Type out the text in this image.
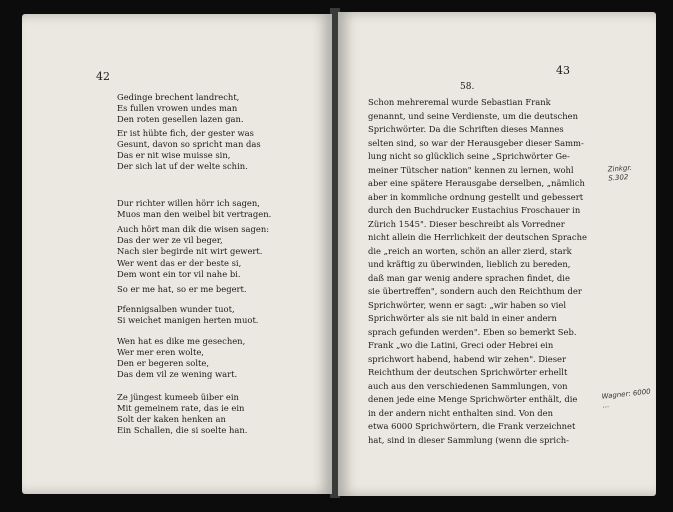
42
Gedinge brechent landrecht,
Es fullen vrowen undes man
Den roten gesellen lazen gan.
Er ist hübte fich, der gester was
Gesunt, davon so spricht man das
Das er nit wise muisse sin,
Der sich lat uf der welte schin.
Dur richter willen hörr ich sagen,
Muos man den weibel bit vertragen.
Auch hört man dik die wisen sagen:
Das der wer ze vil beger,
Nach sier begirde nit wirt gewert.
Wer went das er der beste si,
Dem wont ein tor vil nahe bi.
So er me hat, so er me begert.
Pfennigsalben wunder tuot,
Si weichet manigen herten muot.
Wen hat es dike me gesechen,
Wer mer eren wolte,
Den er begeren solte,
Das dem vil ze wening wart.
Ze jüngest kumeeb üiber ein
Mit gemeinem rate, das ie ein
Solt der kaken henken an
Ein Schallen, die si soelte han.
43
58.
Schon mehreremal wurde Sebastian Frank
genannt, und seine Verdienste, um die deutschen
Sprichwörter. Da die Schriften dieses Mannes
selten sind, so war der Herausgeber dieser Samm-
lung nicht so glücklich seine „Sprichwörter Ge-
meiner Tütscher nation" kennen zu lernen, wohl
aber eine spätere Herausgabe derselben, „nämlich
aber in kommliche ordnung gestellt und gebessert
durch den Buchdrucker Eustachius Froschauer in
Zürich 1545". Dieser beschreibt als Vorredner
nicht allein die Herrlichkeit der deutschen Sprache
die „reich an worten, schön an aller zierd, stark
und kräftig zu überwinden, lieblich zu bereden,
daß man gar wenig andere sprachen findet, die
sie übertreffen", sondern auch den Reichthum der
Sprichwörter, wenn er sagt: „wir haben so viel
Sprichwörter als sie nit bald in einer andern
sprach gefunden werden". Eben so bemerkt Seb.
Frank „wo die Latini, Greci oder Hebrei ein
sprichwort habend, habend wir zehen". Dieser
Reichthum der deutschen Sprichwörter erhellt
auch aus den verschiedenen Sammlungen, von
denen jede eine Menge Sprichwörter enthält, die
in der andern nicht enthalten sind. Von den
etwa 6000 Sprichwörtern, die Frank verzeichnet
hat, sind in dieser Sammlung (wenn die sprich-
Zinkgr. S.302
Wagner: 6000 ...
